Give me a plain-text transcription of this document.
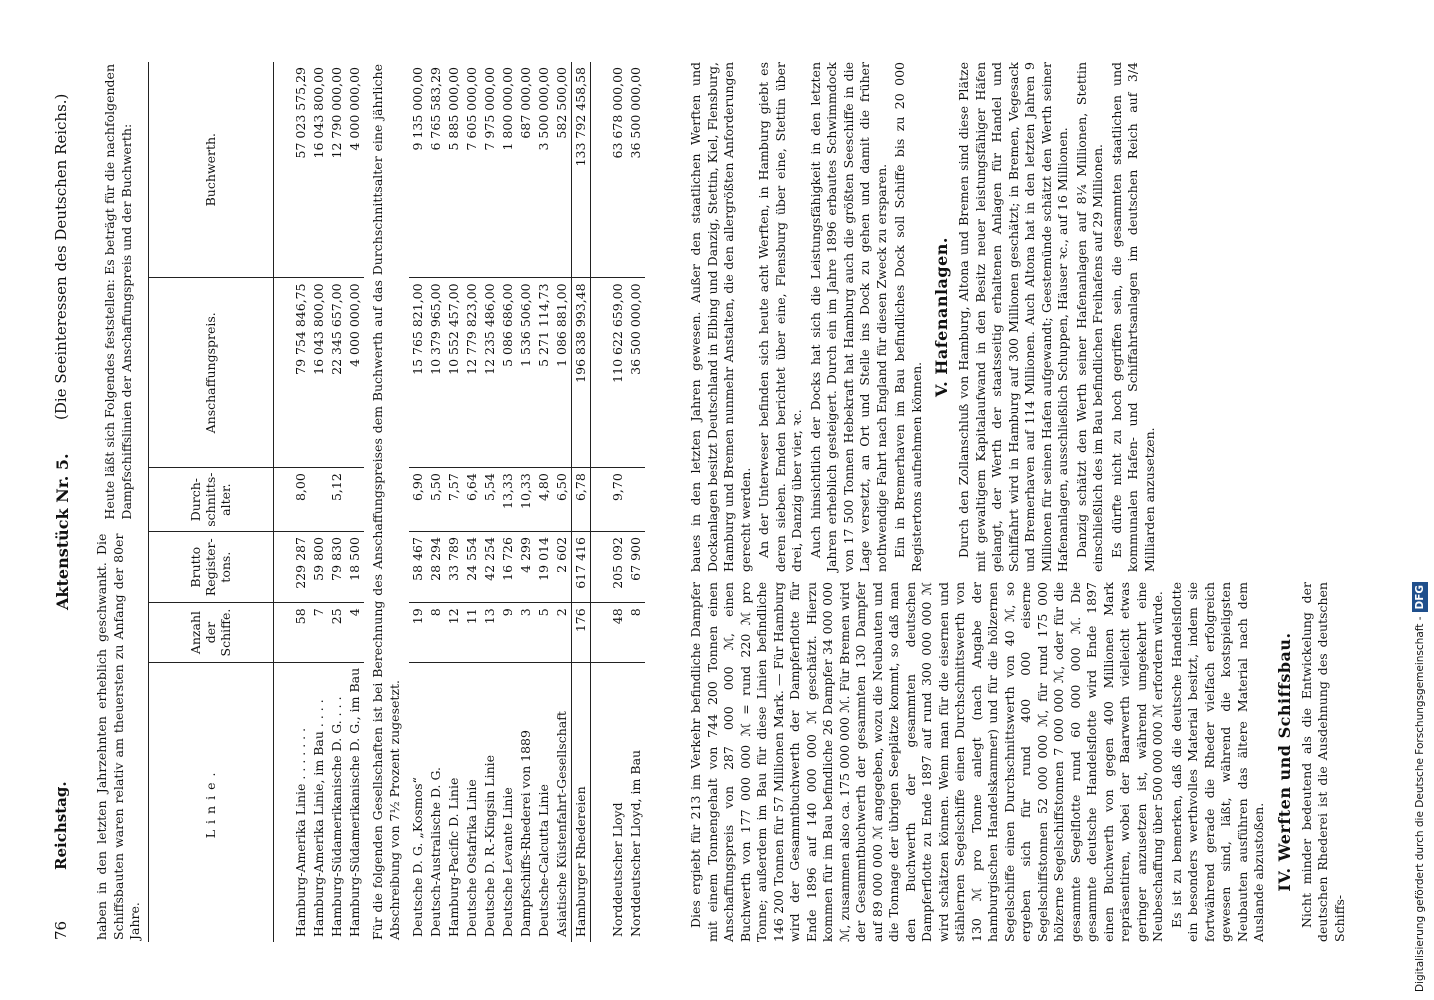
76
Reichstag.
Aktenstück Nr. 5.
(Die Seeinteressen des Deutschen Reichs.)
haben in den letzten Jahrzehnten erheblich geschwankt. Die Schiffsbauten waren relativ am theuersten zu Anfang der 80er Jahre.			Heute läßt sich Folgendes feststellen: Es beträgt für die nachfolgenden Dampfschiffslinien der Anschaffungspreis und der Buchwerth:		
Linie.	Anzahl der Schiffe.	Brutto Register-tons.	Durch-schnitts-alter.	Anschaffungspreis.	Buchwerth.

Hamburg-Amerika Linie . . . . . . .	58	229 287	8,00	79 754 846,75	57 023 575,29
Hamburg-Amerika Linie, im Bau . . . .	7	59 800		16 043 800,00	16 043 800,00
Hamburg-Südamerikanische D. G. . . .	25	79 830	5,12	22 345 657,00	12 790 000,00
Hamburg-Südamerikanische D. G., im Bau	4	18 500		4 000 000,00	4 000 000,00
Für die folgenden Gesellschaften ist bei Berechnung des Anschaffungspreises dem Buchwerth auf das Durchschnittsalter eine jährliche Abschreibung von 7½ Prozent zugesetzt.					
Deutsche D. G. „Kosmos“	19	58 467	6,90	15 765 821,00	9 135 000,00
Deutsch-Australische D. G.	8	28 294	5,50	10 379 965,00	6 765 583,29
Hamburg-Pacific D. Linie	12	33 789	7,57	10 552 457,00	5 885 000,00
Deutsche Ostafrika Linie	11	24 554	6,64	12 779 823,00	7 605 000,00
Deutsche D. R.-Kingsin Linie	13	42 254	5,54	12 235 486,00	7 975 000,00
Deutsche Levante Linie	9	16 726	13,33	5 086 686,00	1 800 000,00
Dampfschiffs-Rhederei von 1889	3	4 299	10,33	1 536 506,00	687 000,00
Deutsche-Calcutta Linie	5	19 014	4,80	5 271 114,73	3 500 000,00
Asiatische Küstenfahrt-Gesellschaft	2	2 602	6,50	1 086 881,00	582 500,00
Hamburger Rhedereien	176	617 416	6,78	196 838 993,48	133 792 458,58

Norddeutscher Lloyd	48	205 092	9,70	110 622 659,00	63 678 000,00
Norddeutscher Lloyd, im Bau	8	67 900		36 500 000,00	36 500 000,00

Dies ergiebt für 213 im Verkehr befindliche Dampfer mit einem Tonnengehalt von 744 200 Tonnen einen Anschaffungspreis von 287 000 000 ℳ, einen Buchwerth von 177 000 000 ℳ = rund 220 ℳ pro Tonne; außerdem im Bau für diese Linien befindliche 146 200 Tonnen für 57 Millionen Mark. — Für Hamburg wird der Gesammtbuchwerth der Dampferflotte für Ende 1896 auf 140 000 000 ℳ geschätzt. Hierzu kommen für im Bau befindliche 26 Dampfer 34 000 000 ℳ, zusammen also ca. 175 000 000 ℳ. Für Bremen wird der Gesammtbuchwerth der gesammten 130 Dampfer auf 89 000 000 ℳ angegeben, wozu die Neubauten und die Tonnage der übrigen Seeplätze kommt, so daß man den Buchwerth der gesammten deutschen Dampferflotte zu Ende 1897 auf rund 300 000 000 ℳ wird schätzen können. Wenn man für die eisernen und stählernen Segelschiffe einen Durchschnittswerth von 130 ℳ pro Tonne anlegt (nach Angabe der hamburgischen Handelskammer) und für die hölzernen Segelschiffe einen Durchschnittswerth von 40 ℳ, so ergeben sich für rund 400 000 eiserne Segelschiffstonnen 52 000 000 ℳ, für rund 175 000 hölzerne Segelschiffstonnen 7 000 000 ℳ, oder für die gesammte Segelflotte rund 60 000 000 ℳ. Die gesammte deutsche Handelsflotte wird Ende 1897 einen Buchwerth von gegen 400 Millionen Mark repräsentiren, wobei der Baarwerth vielleicht etwas geringer anzusetzen ist, während umgekehrt eine Neubeschaffung über 500 000 000 ℳ erfordern würde. Es ist zu bemerken, daß die deutsche Handelsflotte ein besonders werthvolles Material besitzt, indem sie fortwährend gerade die Rheder vielfach erfolgreich gewesen sind, läßt, während die kostspieligsten Neubauten ausführen das ältere Material nach dem Auslande abzustoßen. IV. Werften und Schiffsbau. Nicht minder bedeutend als die Entwickelung der deutschen Rhederei ist die Ausdehnung des deutschen Schiffs-

baues in den letzten Jahren gewesen. Außer den staatlichen Werften und Dockanlagen besitzt Deutschland in Elbing und Danzig, Stettin, Kiel, Flensburg, Hamburg und Bremen nunmehr Anstalten, die den allergrößten Anforderungen gerecht werden. An der Unterweser befinden sich heute acht Werften, in Hamburg giebt es deren sieben. Emden berichtet über eine, Flensburg über eine, Stettin über drei, Danzig über vier, ꝛc. Auch hinsichtlich der Docks hat sich die Leistungsfähigkeit in den letzten Jahren erheblich gesteigert. Durch ein im Jahre 1896 erbautes Schwimmdock von 17 500 Tonnen Hebekraft hat Hamburg auch die größten Seeschiffe in die Lage versetzt, an Ort und Stelle ins Dock zu gehen und damit die früher nothwendige Fahrt nach England für diesen Zweck zu ersparen. Ein in Bremerhaven im Bau befindliches Dock soll Schiffe bis zu 20 000 Registertons aufnehmen können.

V. Hafenanlagen. Durch den Zollanschluß von Hamburg, Altona und Bremen sind diese Plätze mit gewaltigem Kapitalaufwand in den Besitz neuer leistungsfähiger Häfen gelangt, der Werth der staatsseitig erhaltenen Anlagen für Handel und Schiffahrt wird in Hamburg auf 300 Millionen geschätzt; in Bremen, Vegesack und Bremerhaven auf 114 Millionen. Auch Altona hat in den letzten Jahren 9 Millionen für seinen Hafen aufgewandt; Geestemünde schätzt den Werth seiner Hafenanlagen, ausschließlich Schuppen, Häuser ꝛc., auf 16 Millionen. Danzig schätzt den Werth seiner Hafenanlagen auf 8¼ Millionen, Stettin einschließlich des im Bau befindlichen Freihafens auf 29 Millionen. Es dürfte nicht zu hoch gegriffen sein, die gesammten staatlichen und kommunalen Hafen- und Schiffahrtsanlagen im deutschen Reich auf 3/4 Milliarden anzusetzen.

Digitalisierung gefördert durch die Deutsche Forschungsgemeinschaft -DFG
